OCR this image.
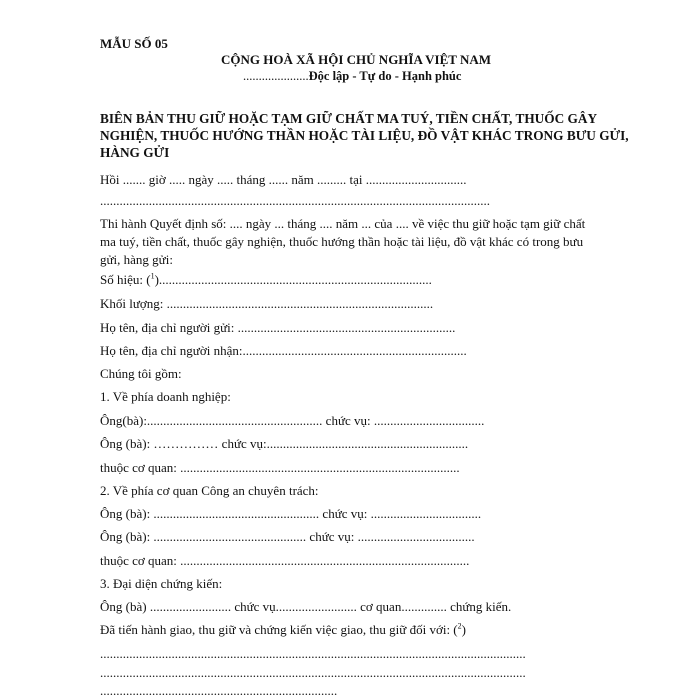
MẪU SỐ 05
CỘNG HOÀ XÃ HỘI CHỦ NGHĨA VIỆT NAM
.....................Độc lập - Tự do - Hạnh phúc
BIÊN BẢN THU GIỮ HOẶC TẠM GIỮ CHẤT MA TUÝ, TIỀN CHẤT, THUỐC GÂY NGHIỆN, THUỐC HƯỚNG THẦN HOẶC TÀI LIỆU, ĐỒ VẬT KHÁC TRONG BƯU GỬI, HÀNG GỬI
Hồi ....... giờ ..... ngày ..... tháng ...... năm ......... tại ...............................
........................................................................................................................
Thi hành Quyết định số: .... ngày ... tháng .... năm ... của .... về việc thu giữ hoặc tạm giữ chất
ma tuý, tiền chất, thuốc gây nghiện, thuốc hướng thần hoặc tài liệu, đồ vật khác có trong bưu
gửi, hàng gửi:
Số hiệu: ($^1$)....................................................................................
Khối lượng: ..................................................................................
Họ tên, địa chỉ người gửi: ...................................................................
Họ tên, địa chỉ người nhận:.....................................................................
Chúng tôi gồm:
1. Về phía doanh nghiệp:
Ông(bà):...................................................... chức vụ: ..................................
Ông (bà): …………… chức vụ:..............................................................
thuộc cơ quan: ......................................................................................
2. Về phía cơ quan Công an chuyên trách:
Ông (bà): ................................................... chức vụ: ..................................
Ông (bà): ............................................... chức vụ: ....................................
thuộc cơ quan: .........................................................................................
3. Đại diện chứng kiến:
Ông (bà) ......................... chức vụ......................... cơ quan.............. chứng kiến.
Đã tiến hành giao, thu giữ và chứng kiến việc giao, thu giữ đối với: ($^2$)
...................................................................................................................................
...................................................................................................................................
.........................................................................
